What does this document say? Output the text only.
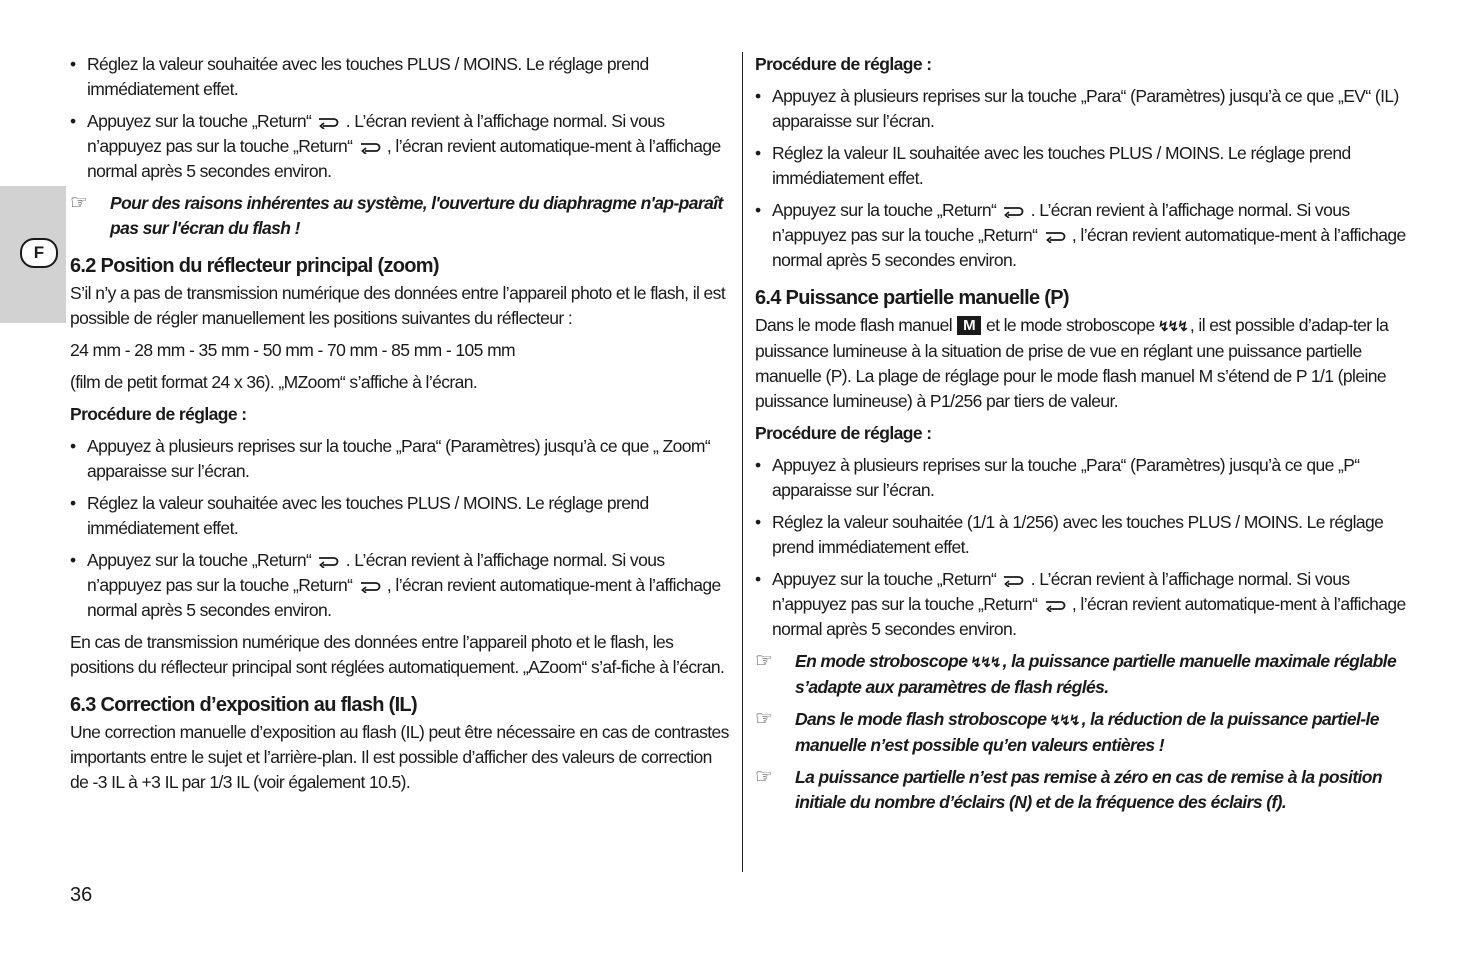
F
• Réglez la valeur souhaitée avec les touches PLUS / MOINS. Le réglage prend immédiatement effet.
• Appuyez sur la touche „Return“ . L’écran revient à l’affichage normal. Si vous n’appuyez pas sur la touche „Return“ , l’écran revient automatique-ment à l’affichage normal après 5 secondes environ.
☞ Pour des raisons inhérentes au système, l'ouverture du diaphragme n'ap-paraît pas sur l'écran du flash !
6.2 Position du réflecteur principal (zoom)
S’il n’y a pas de transmission numérique des données entre l’appareil photo et le flash, il est possible de régler manuellement les positions suivantes du réflecteur :
24 mm - 28 mm - 35 mm - 50 mm - 70 mm - 85 mm - 105 mm
(film de petit format 24 x 36). „MZoom“ s’affiche à l’écran.
Procédure de réglage :
• Appuyez à plusieurs reprises sur la touche „Para“ (Paramètres) jusqu’à ce que „ Zoom“ apparaisse sur l’écran.
• Réglez la valeur souhaitée avec les touches PLUS / MOINS. Le réglage prend immédiatement effet.
• Appuyez sur la touche „Return“ . L’écran revient à l’affichage normal. Si vous n’appuyez pas sur la touche „Return“ , l’écran revient automatique-ment à l’affichage normal après 5 secondes environ.
En cas de transmission numérique des données entre l’appareil photo et le flash, les positions du réflecteur principal sont réglées automatiquement. „AZoom“ s’af-fiche à l’écran.
6.3 Correction d’exposition au flash (IL)
Une correction manuelle d’exposition au flash (IL) peut être nécessaire en cas de contrastes importants entre le sujet et l’arrière-plan. Il est possible d’afficher des valeurs de correction de -3 IL à +3 IL par 1/3 IL (voir également 10.5).
Procédure de réglage :
• Appuyez à plusieurs reprises sur la touche „Para“ (Paramètres) jusqu’à ce que „EV“ (IL) apparaisse sur l’écran.
• Réglez la valeur IL souhaitée avec les touches PLUS / MOINS. Le réglage prend immédiatement effet.
• Appuyez sur la touche „Return“ . L’écran revient à l’affichage normal. Si vous n’appuyez pas sur la touche „Return“ , l’écran revient automatique-ment à l’affichage normal après 5 secondes environ.
6.4 Puissance partielle manuelle (P)
Dans le mode flash manuel M et le mode stroboscope ↯↯↯ , il est possible d’adap-ter la puissance lumineuse à la situation de prise de vue en réglant une puissance partielle manuelle (P). La plage de réglage pour le mode flash manuel M s’étend de P 1/1 (pleine puissance lumineuse) à P1/256 par tiers de valeur.
Procédure de réglage :
• Appuyez à plusieurs reprises sur la touche „Para“ (Paramètres) jusqu’à ce que „P“ apparaisse sur l’écran.
• Réglez la valeur souhaitée (1/1 à 1/256) avec les touches PLUS / MOINS. Le réglage prend immédiatement effet.
• Appuyez sur la touche „Return“ . L’écran revient à l’affichage normal. Si vous n’appuyez pas sur la touche „Return“ , l’écran revient automatique-ment à l’affichage normal après 5 secondes environ.
☞ En mode stroboscope ↯↯↯ , la puissance partielle manuelle maximale réglable s’adapte aux paramètres de flash réglés.
☞ Dans le mode flash stroboscope ↯↯↯ , la réduction de la puissance partiel-le manuelle n’est possible qu’en valeurs entières !
☞ La puissance partielle n’est pas remise à zéro en cas de remise à la position initiale du nombre d’éclairs (N) et de la fréquence des éclairs (f).
36
